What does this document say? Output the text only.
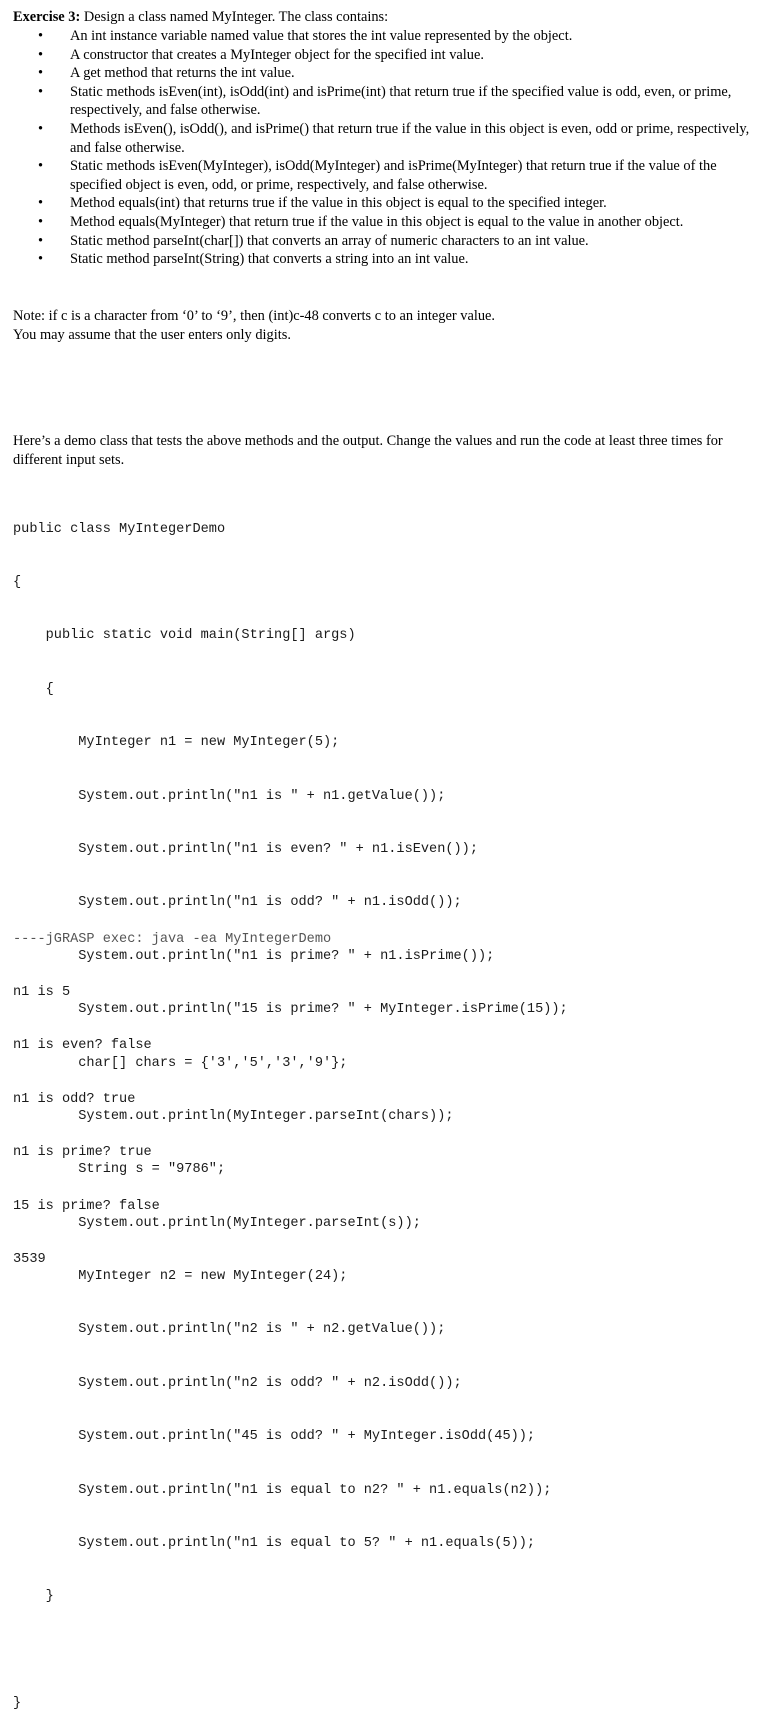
Exercise 3: Design a class named MyInteger. The class contains:
• An int instance variable named value that stores the int value represented by the object.
• A constructor that creates a MyInteger object for the specified int value.
• A get method that returns the int value.
• Static methods isEven(int), isOdd(int) and isPrime(int) that return true if the specified value is odd, even, or prime, respectively, and false otherwise.
• Methods isEven(), isOdd(), and isPrime() that return true if the value in this object is even, odd or prime, respectively, and false otherwise.
• Static methods isEven(MyInteger), isOdd(MyInteger) and isPrime(MyInteger) that return true if the value of the specified object is even, odd, or prime, respectively, and false otherwise.
• Method equals(int) that returns true if the value in this object is equal to the specified integer.
• Method equals(MyInteger) that return true if the value in this object is equal to the value in another object.
• Static method parseInt(char[]) that converts an array of numeric characters to an int value.
• Static method parseInt(String) that converts a string into an int value.
Note: if c is a character from ‘0’ to ‘9’, then (int)c-48 converts c to an integer value.
You may assume that the user enters only digits.
Here’s a demo class that tests the above methods and the output. Change the values and run the code at least three times for different input sets.

public class MyIntegerDemo

{

public static void main(String[] args)

{

MyInteger n1 = new MyInteger(5);

System.out.println("n1 is " + n1.getValue());

System.out.println("n1 is even? " + n1.isEven());

System.out.println("n1 is odd? " + n1.isOdd());

System.out.println("n1 is prime? " + n1.isPrime());

System.out.println("15 is prime? " + MyInteger.isPrime(15));

char[] chars = {'3','5','3','9'};

System.out.println(MyInteger.parseInt(chars));

String s = "9786";

System.out.println(MyInteger.parseInt(s));

MyInteger n2 = new MyInteger(24);

System.out.println("n2 is " + n2.getValue());

System.out.println("n2 is odd? " + n2.isOdd());

System.out.println("45 is odd? " + MyInteger.isOdd(45));

System.out.println("n1 is equal to n2? " + n1.equals(n2));

System.out.println("n1 is equal to 5? " + n1.equals(5));

}

}

----jGRASP exec: java -ea MyIntegerDemo

n1 is 5

n1 is even? false

n1 is odd? true

n1 is prime? true

15 is prime? false

3539
